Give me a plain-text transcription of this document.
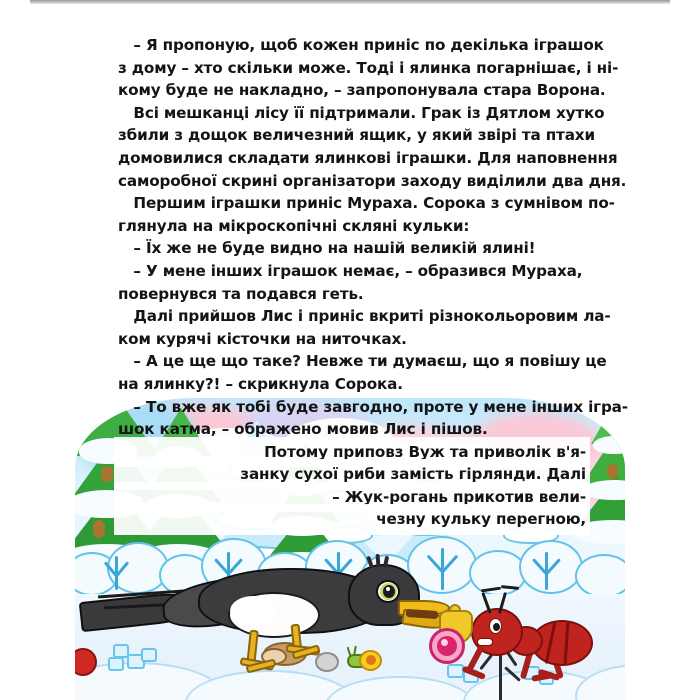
– Я пропоную, щоб кожен приніс по декілька іграшок
з дому – хто скільки може. Тоді і ялинка погарнішає, і ні-
кому буде не накладно, – запропонувала стара Ворона.
Всі мешканці лісу її підтримали. Грак із Дятлом хутко
збили з дощок величезний ящик, у який звірі та птахи
домовилися складати ялинкові іграшки. Для наповнення
саморобної скрині організатори заходу виділили два дня.
Першим іграшки приніс Мураха. Сорока з сумнівом по-
глянула на мікроскопічні скляні кульки:
– Їх же не буде видно на нашій великій ялині!
– У мене інших іграшок немає, – образився Мураха,
повернувся та подався геть.
Далі прийшов Лис і приніс вкриті різнокольоровим ла-
ком курячі кісточки на ниточках.
– А це ще що таке? Невже ти думаєш, що я повішу це
на ялинку?! – скрикнула Сорока.
– То вже як тобі буде завгодно, проте у мене інших ігра-
шок катма, – ображено мовив Лис і пішов.
Потому приповз Вуж та приволік в'я-
занку сухої риби замість гірлянди. Далі
– Жук-рогань прикотив вели-
чезну кульку перегною,
